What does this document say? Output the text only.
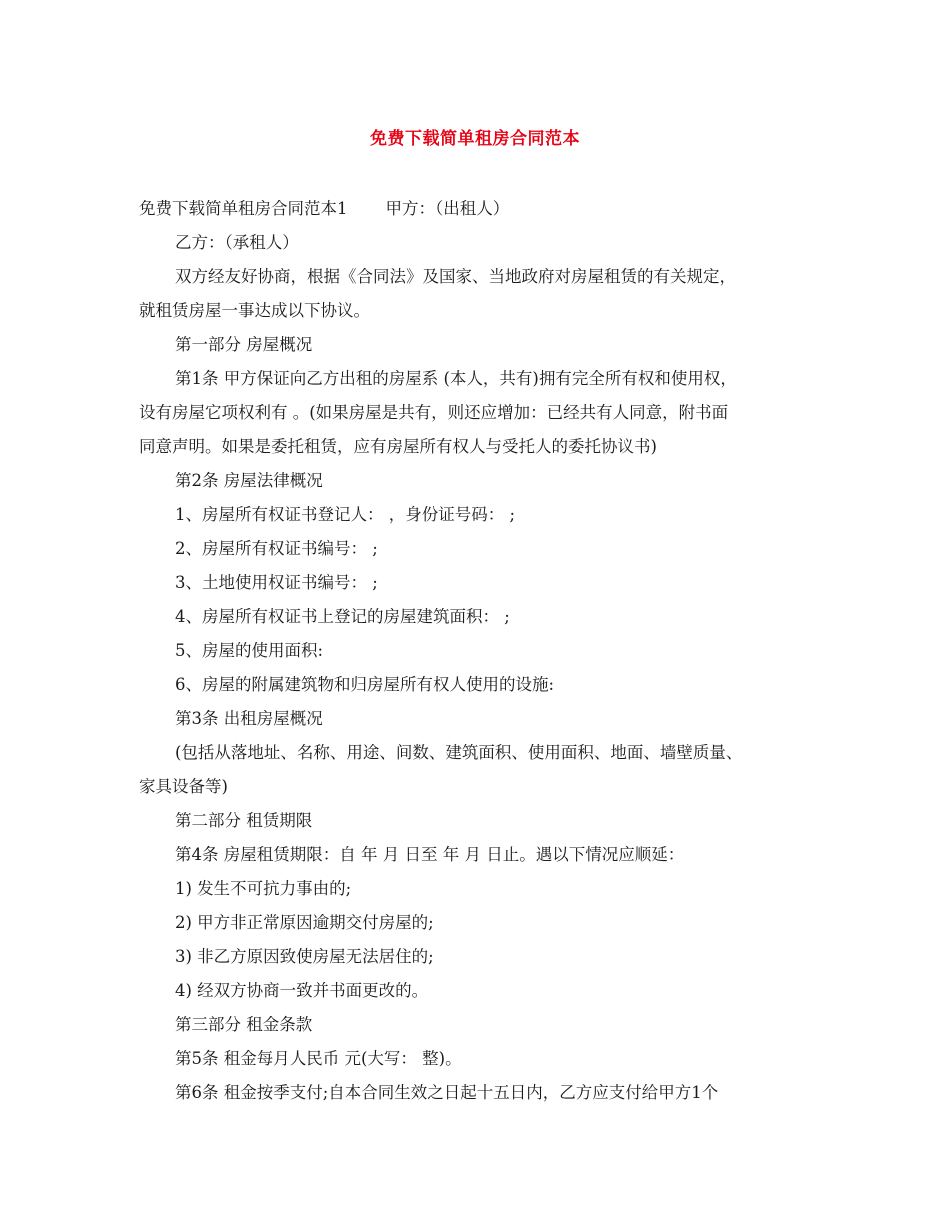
免费下载简单租房合同范本
免费下载简单租房合同范本1 甲方：（出租人）
乙方：（承租人）
双方经友好协商，根据《合同法》及国家、当地政府对房屋租赁的有关规定，
就租赁房屋一事达成以下协议。
第一部分 房屋概况
第1条 甲方保证向乙方出租的房屋系 (本人，共有)拥有完全所有权和使用权，
设有房屋它项权利有 。(如果房屋是共有，则还应增加：已经共有人同意，附书面
同意声明。如果是委托租赁，应有房屋所有权人与受托人的委托协议书)
第2条 房屋法律概况
1、房屋所有权证书登记人： ，身份证号码： ;
2、房屋所有权证书编号： ;
3、土地使用权证书编号： ;
4、房屋所有权证书上登记的房屋建筑面积： ;
5、房屋的使用面积:
6、房屋的附属建筑物和归房屋所有权人使用的设施:
第3条 出租房屋概况
(包括从落地址、名称、用途、间数、建筑面积、使用面积、地面、墙壁质量、
家具设备等)
第二部分 租赁期限
第4条 房屋租赁期限：自 年 月 日至 年 月 日止。遇以下情况应顺延：
1) 发生不可抗力事由的;
2) 甲方非正常原因逾期交付房屋的;
3) 非乙方原因致使房屋无法居住的;
4) 经双方协商一致并书面更改的。
第三部分 租金条款
第5条 租金每月人民币 元(大写： 整)。
第6条 租金按季支付;自本合同生效之日起十五日内，乙方应支付给甲方1个
